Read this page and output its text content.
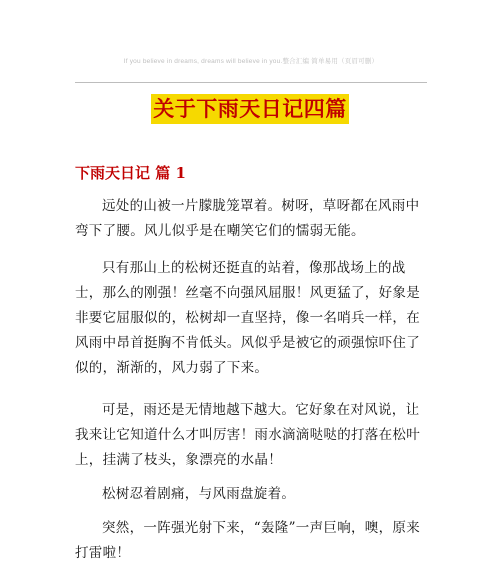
If you believe in dreams, dreams will believe in you.整合汇编 简单易用（页眉可删）
关于下雨天日记四篇
下雨天日记 篇 1

远处的山被一片朦胧笼罩着。树呀，草呀都在风雨中弯下了腰。风儿似乎是在嘲笑它们的懦弱无能。

只有那山上的松树还挺直的站着，像那战场上的战士，那么的刚强！丝毫不向强风屈服！风更猛了，好象是非要它屈服似的，松树却一直坚持，像一名哨兵一样，在风雨中昂首挺胸不肯低头。风似乎是被它的顽强惊吓住了似的，渐渐的，风力弱了下来。

可是，雨还是无情地越下越大。它好象在对风说，让我来让它知道什么才叫厉害！雨水滴滴哒哒的打落在松叶上，挂满了枝头，象漂亮的水晶！

松树忍着剧痛，与风雨盘旋着。

突然，一阵强光射下来，“轰隆”一声巨响，噢，原来打雷啦！
